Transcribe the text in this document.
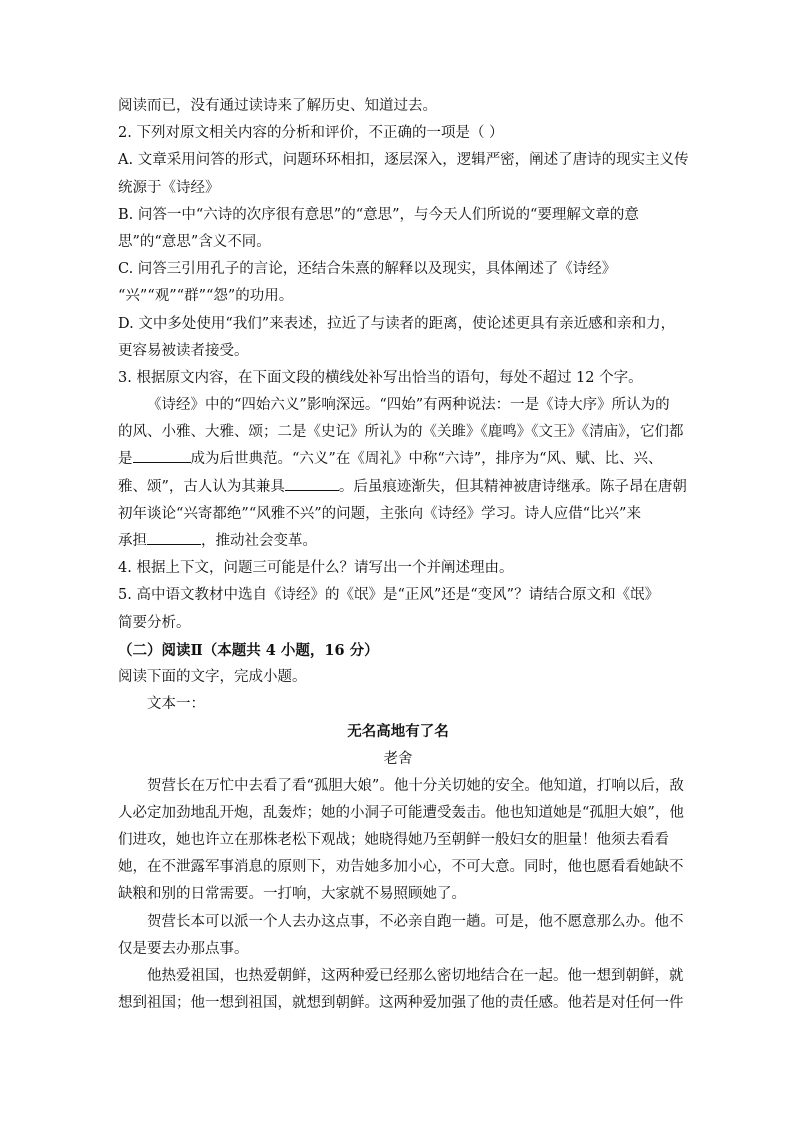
阅读而已，没有通过读诗来了解历史、知道过去。
2. 下列对原文相关内容的分析和评价，不正确的一项是（ ）
A. 文章采用问答的形式，问题环环相扣，逐层深入，逻辑严密，阐述了唐诗的现实主义传
统源于《诗经》
B. 问答一中“六诗的次序很有意思”的“意思”，与今天人们所说的“要理解文章的意
思”的“意思”含义不同。
C. 问答三引用孔子的言论，还结合朱熹的解释以及现实，具体阐述了《诗经》
“兴”“观”“群”“怨”的功用。
D. 文中多处使用“我们”来表述，拉近了与读者的距离，使论述更具有亲近感和亲和力，
更容易被读者接受。
3. 根据原文内容，在下面文段的横线处补写出恰当的语句，每处不超过 12 个字。
《诗经》中的“四始六义”影响深远。“四始”有两种说法：一是《诗大序》所认为的
的风、小雅、大雅、颂；二是《史记》所认为的《关雎》《鹿鸣》《文王》《清庙》，它们都
是	成为后世典范。“六义”在《周礼》中称“六诗”，排序为“风、赋、比、兴、
雅、颂”，古人认为其兼具	。后虽痕迹渐失，但其精神被唐诗继承。陈子昂在唐朝
初年谈论“兴寄都绝”“风雅不兴”的问题，主张向《诗经》学习。诗人应借“比兴”来
承担	，推动社会变革。
4. 根据上下文，问题三可能是什么？请写出一个并阐述理由。
5. 高中语文教材中选自《诗经》的《氓》是“正风”还是“变风”？请结合原文和《氓》
简要分析。
（二）阅读Ⅱ（本题共 4 小题，16 分）
阅读下面的文字，完成小题。
文本一：
无名高地有了名
老舍
贺营长在万忙中去看了看“孤胆大娘”。他十分关切她的安全。他知道，打响以后，敌
人必定加劲地乱开炮，乱轰炸；她的小洞子可能遭受轰击。他也知道她是“孤胆大娘”，他
们进攻，她也许立在那株老松下观战；她晓得她乃至朝鲜一般妇女的胆量！他须去看看
她，在不泄露军事消息的原则下，劝告她多加小心，不可大意。同时，他也愿看看她缺不
缺粮和别的日常需要。一打响，大家就不易照顾她了。
贺营长本可以派一个人去办这点事，不必亲自跑一趟。可是，他不愿意那么办。他不
仅是要去办那点事。
他热爱祖国，也热爱朝鲜，这两种爱已经那么密切地结合在一起。他一想到朝鲜，就
想到祖国；他一想到祖国，就想到朝鲜。这两种爱加强了他的责任感。他若是对任何一件
